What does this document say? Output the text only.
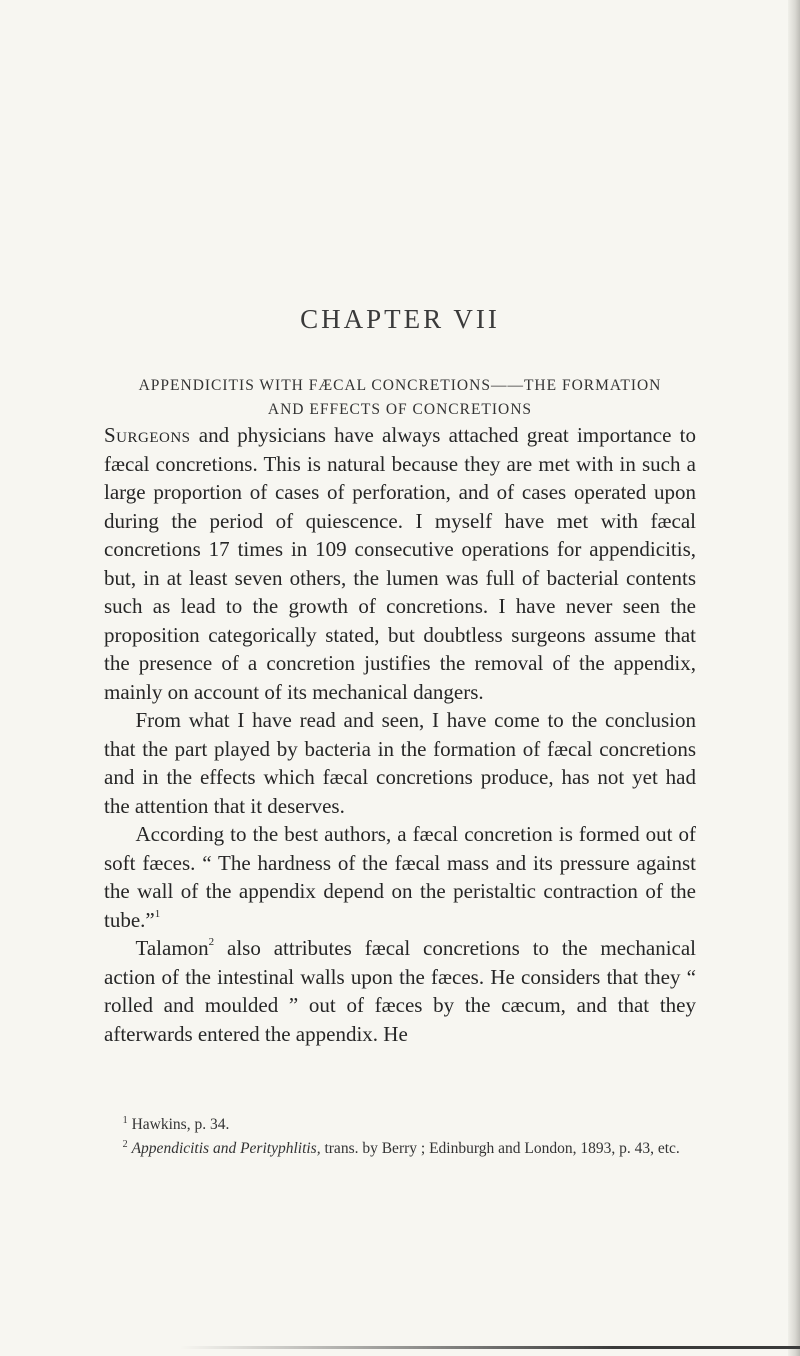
CHAPTER VII
APPENDICITIS WITH FÆCAL CONCRETIONS——THE FORMATION
AND EFFECTS OF CONCRETIONS

Surgeons and physicians have always attached great importance to fæcal concretions. This is natural because they are met with in such a large proportion of cases of perforation, and of cases operated upon during the period of quiescence. I myself have met with fæcal concretions 17 times in 109 consecutive operations for appendicitis, but, in at least seven others, the lumen was full of bacterial contents such as lead to the growth of concretions. I have never seen the proposition categorically stated, but doubtless surgeons assume that the presence of a concretion justifies the removal of the appendix, mainly on account of its mechanical dangers.

From what I have read and seen, I have come to the conclusion that the part played by bacteria in the formation of fæcal concretions and in the effects which fæcal concretions produce, has not yet had the attention that it deserves.

According to the best authors, a fæcal concretion is formed out of soft fæces. “ The hardness of the fæcal mass and its pressure against the wall of the appendix depend on the peristaltic contraction of the tube.”$^1$

Talamon$^2$ also attributes fæcal concretions to the mechanical action of the intestinal walls upon the fæces. He considers that they “ rolled and moulded ” out of fæces by the cæcum, and that they afterwards entered the appendix. He

$^1$ Hawkins, p. 34.

$^2$ Appendicitis and Perityphlitis, trans. by Berry ; Edinburgh and London, 1893, p. 43, etc.
